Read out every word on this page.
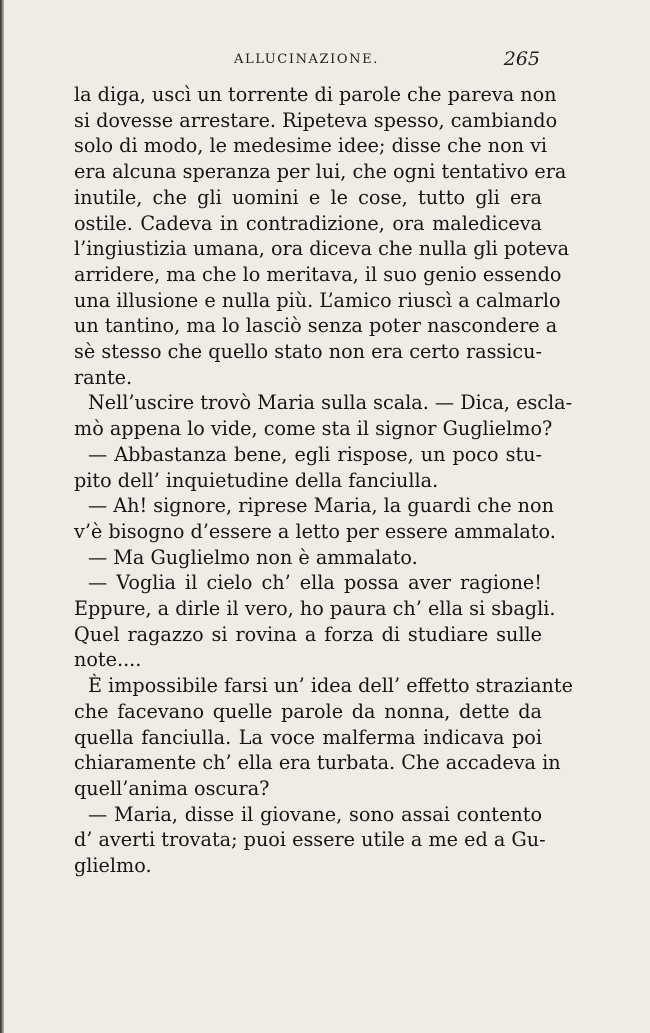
ALLUCINAZIONE.	265
la diga, uscì un torrente di parole che pareva non
si dovesse arrestare. Ripeteva spesso, cambiando
solo di modo, le medesime idee; disse che non vi
era alcuna speranza per lui, che ogni tentativo era
inutile, che gli uomini e le cose, tutto gli era
ostile. Cadeva in contradizione, ora malediceva
l’ingiustizia umana, ora diceva che nulla gli poteva
arridere, ma che lo meritava, il suo genio essendo
una illusione e nulla più. L’amico riuscì a calmarlo
un tantino, ma lo lasciò senza poter nascondere a
sè stesso che quello stato non era certo rassicu-
rante.
Nell’uscire trovò Maria sulla scala. — Dica, escla-
mò appena lo vide, come sta il signor Guglielmo?
— Abbastanza bene, egli rispose, un poco stu-
pito dell’ inquietudine della fanciulla.
— Ah! signore, riprese Maria, la guardi che non
v’è bisogno d’essere a letto per essere ammalato.
— Ma Guglielmo non è ammalato.
— Voglia il cielo ch’ ella possa aver ragione!
Eppure, a dirle il vero, ho paura ch’ ella si sbagli.
Quel ragazzo si rovina a forza di studiare sulle
note....
È impossibile farsi un’ idea dell’ effetto straziante
che facevano quelle parole da nonna, dette da
quella fanciulla. La voce malferma indicava poi
chiaramente ch’ ella era turbata. Che accadeva in
quell’anima oscura?
— Maria, disse il giovane, sono assai contento
d’ averti trovata; puoi essere utile a me ed a Gu-
glielmo.
